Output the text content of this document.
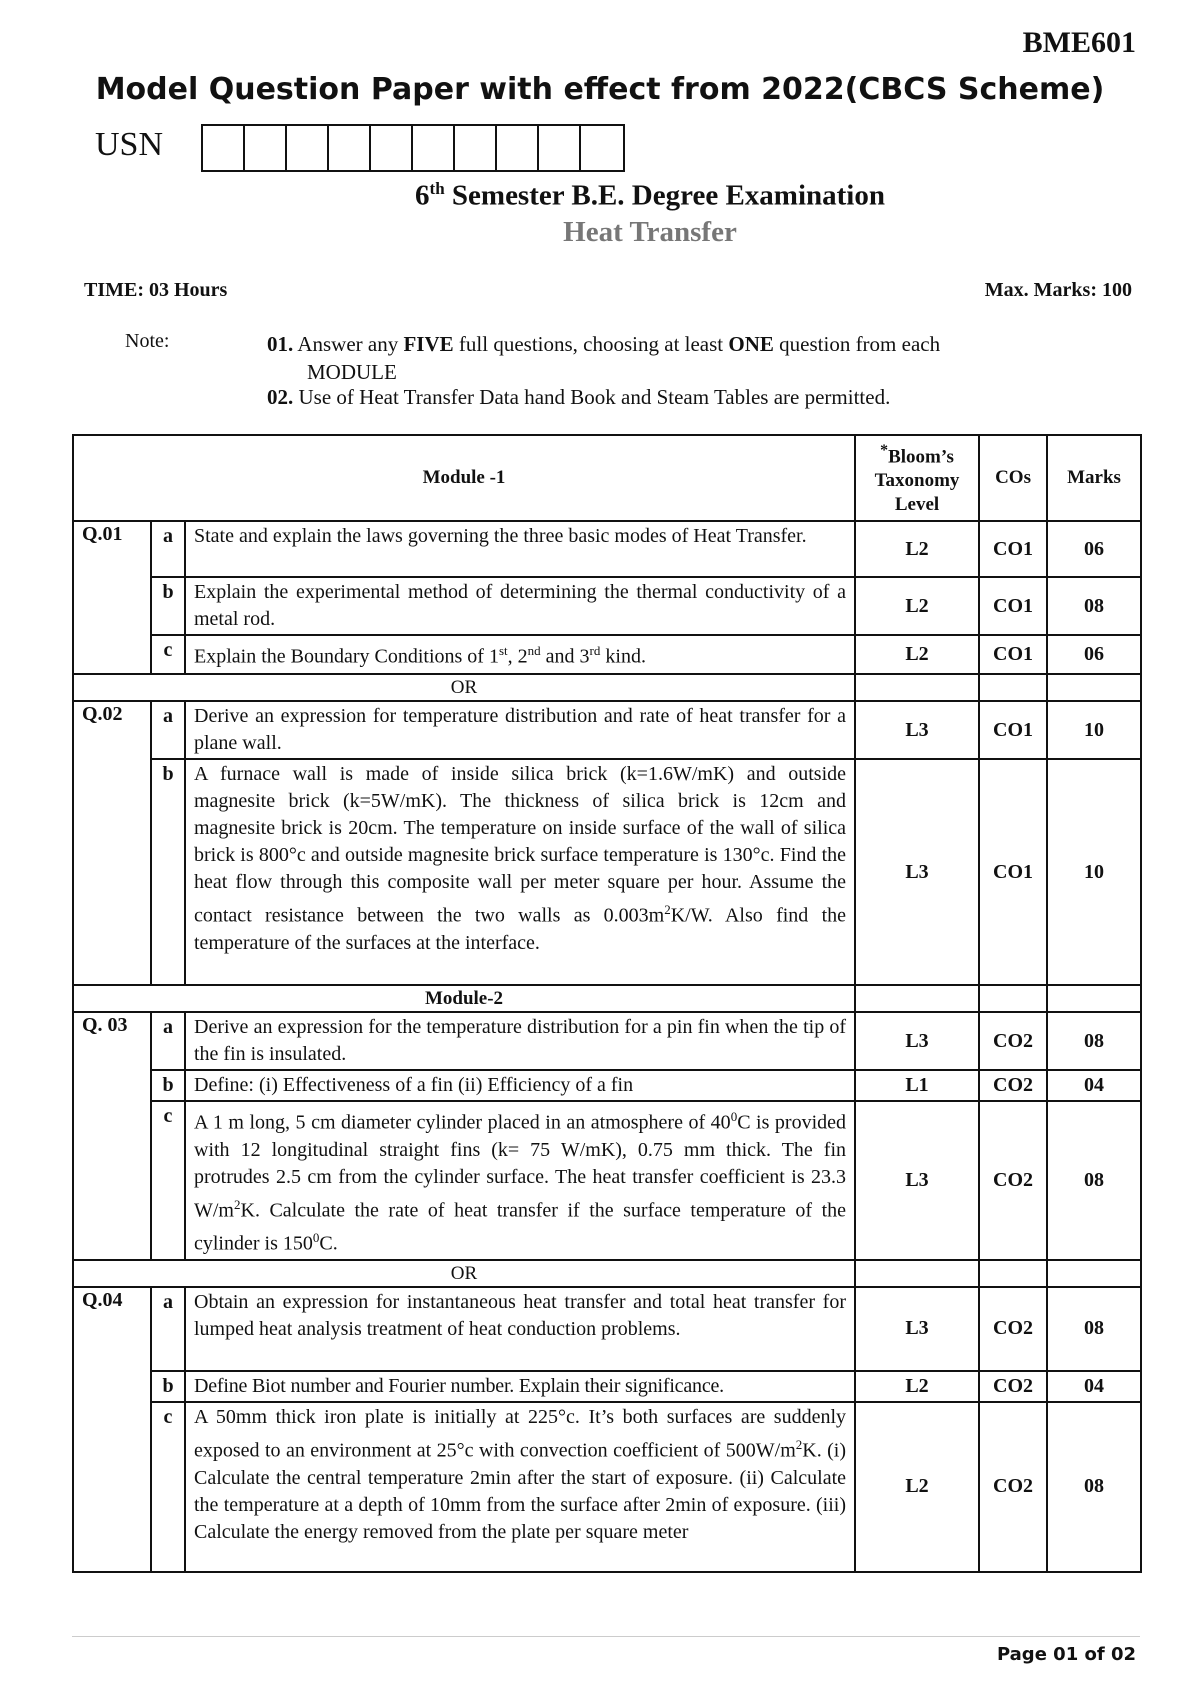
BME601
Model Question Paper with effect from 2022(CBCS Scheme)
USN
6th Semester B.E. Degree Examination
Heat Transfer
TIME: 03 Hours	Max. Marks: 100
Note:	01. Answer any FIVE full questions, choosing at least ONE question from each
MODULE
02. Use of Heat Transfer Data hand Book and Steam Tables are permitted.
Module -1			*Bloom’s Taxonomy Level	COs	Marks
Q.01	a	State and explain the laws governing the three basic modes of Heat Transfer.	L2	CO1	06
	b	Explain the experimental method of determining the thermal conductivity of a metal rod.	L2	CO1	08
	c	Explain the Boundary Conditions of 1st, 2nd and 3rd kind.	L2	CO1	06
OR					
Q.02	a	Derive an expression for temperature distribution and rate of heat transfer for a plane wall.	L3	CO1	10
	b	A furnace wall is made of inside silica brick (k=1.6W/mK) and outside magnesite brick (k=5W/mK). The thickness of silica brick is 12cm and magnesite brick is 20cm. The temperature on inside surface of the wall of silica brick is 800°c and outside magnesite brick surface temperature is 130°c. Find the heat flow through this composite wall per meter square per hour. Assume the contact resistance between the two walls as $0.003m^2K/W$. Also find the temperature of the surfaces at the interface.	L3	CO1	10
Module-2					
Q. 03	a	Derive an expression for the temperature distribution for a pin fin when the tip of the fin is insulated.	L3	CO2	08
	b	Define: (i) Effectiveness of a fin (ii) Efficiency of a fin	L1	CO2	04
	c	A 1 m long, 5 cm diameter cylinder placed in an atmosphere of $40^0C$ is provided with 12 longitudinal straight fins (k= 75 W/mK), 0.75 mm thick. The fin protrudes 2.5 cm from the cylinder surface. The heat transfer coefficient is 23.3 $W/m^2K$. Calculate the rate of heat transfer if the surface temperature of the cylinder is $150^0C$.	L3	CO2	08
OR					
Q.04	a	Obtain an expression for instantaneous heat transfer and total heat transfer for lumped heat analysis treatment of heat conduction problems.	L3	CO2	08
	b	Define Biot number and Fourier number. Explain their significance.	L2	CO2	04
	c	A 50mm thick iron plate is initially at 225°c. It’s both surfaces are suddenly exposed to an environment at 25°c with convection coefficient of $500W/m^2K$. (i) Calculate the central temperature 2min after the start of exposure. (ii) Calculate the temperature at a depth of 10mm from the surface after 2min of exposure. (iii) Calculate the energy removed from the plate per square meter	L2	CO2	08
Page 01 of 02
